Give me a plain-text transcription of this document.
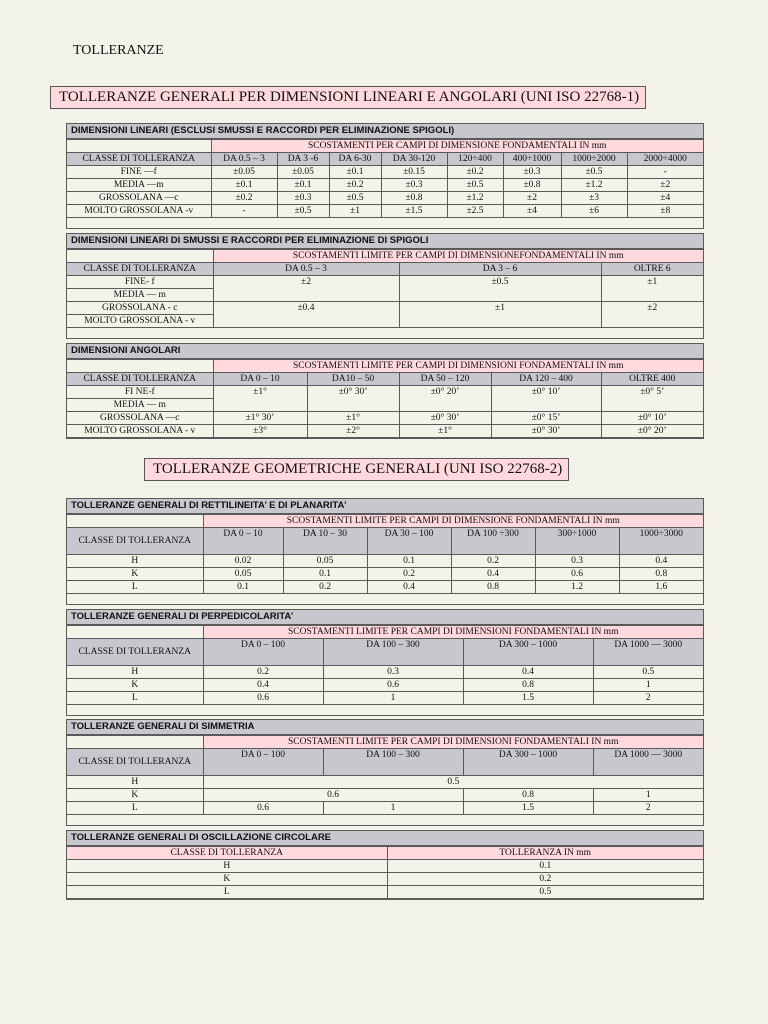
TOLLERANZE
TOLLERANZE GENERALI PER DIMENSIONI LINEARI E ANGOLARI (UNI ISO 22768-1)
DIMENSIONI LINEARI (ESCLUSI SMUSSI E RACCORDI PER ELIMINAZIONE SPIGOLI)
	SCOSTAMENTI PER CAMPI DI DIMENSIONE FONDAMENTALI IN mm							
CLASSE DI TOLLERANZA	DA 0.5 – 3	DA 3 -6	DA 6-30	DA 30-120	120÷400	400÷1000	1000÷2000	2000÷4000
FINE —f	±0.05	±0.05	±0.1	±0.15	±0.2	±0.3	±0.5	-
MEDIA —m	±0.1	±0.1	±0.2	±0.3	±0.5	±0.8	±1.2	±2
GROSSOLANA —c	±0.2	±0.3	±0.5	±0.8	±1.2	±2	±3	±4
MOLTO GROSSOLANA -v	-	±0.5	±1	±1.5	±2.5	±4	±6	±8
DIMENSIONI LINEARI DI SMUSSI E RACCORDI PER ELIMINAZIONE DI SPIGOLI
	SCOSTAMENTI LIMITE PER CAMPI DI DIMENSIONEFONDAMENTALI IN mm		
CLASSE DI TOLLERANZA	DA 0.5 – 3	DA 3 – 6	OLTRE 6
FINE- f	±2	±0.5	±1
MEDIA — m			
GROSSOLANA - c	±0.4	±1	±2
MOLTO GROSSOLANA - v			
DIMENSIONI ANGOLARI
	SCOSTAMENTI LIMITE PER CAMPI DI DIMENSIONI FONDAMENTALI IN mm				
CLASSE DI TOLLERANZA	DA 0 – 10	DA10 – 50	DA 50 – 120	DA 120 – 400	OLTRE 400
FI NE-f	±1°	±0° 30’	±0° 20’	±0° 10’	±0° 5’
MEDIA — m					
GROSSOLANA —c	±1° 30’	±1°	±0° 30’	±0° 15’	±0° 10’
MOLTO GROSSOLANA - v	±3°	±2°	±1°	±0° 30’	±0° 20’
TOLLERANZE GEOMETRICHE GENERALI (UNI ISO 22768-2)
TOLLERANZE GENERALI DI RETTILINEITA’ E DI PLANARITA’
	SCOSTAMENTI LIMITE PER CAMPI DI DIMENSIONE FONDAMENTALI IN mm					
CLASSE DI TOLLERANZA	DA 0 – 10	DA 10 – 30	DA 30 – 100	DA 100 ÷300	300÷1000	1000÷3000
H	0.02	0.05	0.1	0.2	0.3	0.4
K	0.05	0.1	0.2	0.4	0.6	0.8
L	0.1	0.2	0.4	0.8	1.2	1.6
TOLLERANZE GENERALI DI PERPEDICOLARITA’
	SCOSTAMENTI LIMITE PER CAMPI DI DIMENSIONI FONDAMENTALI IN mm			
CLASSE DI TOLLERANZA	DA 0 – 100	DA 100 – 300	DA 300 – 1000	DA 1000 — 3000
H	0.2	0.3	0.4	0.5
K	0.4	0.6	0.8	1
L	0.6	1	1.5	2
TOLLERANZE GENERALI DI SIMMETRIA
	SCOSTAMENTI LIMITE PER CAMPI DI DIMENSIONI FONDAMENTALI IN mm			
CLASSE DI TOLLERANZA	DA 0 – 100	DA 100 – 300	DA 300 – 1000	DA 1000 — 3000
H	0.5			
K	0.6		0.8	1
L	0.6	1	1.5	2
TOLLERANZE GENERALI DI OSCILLAZIONE CIRCOLARE
CLASSE DI TOLLERANZA	TOLLERANZA IN mm
H	0.1
K	0.2
L	0.5
